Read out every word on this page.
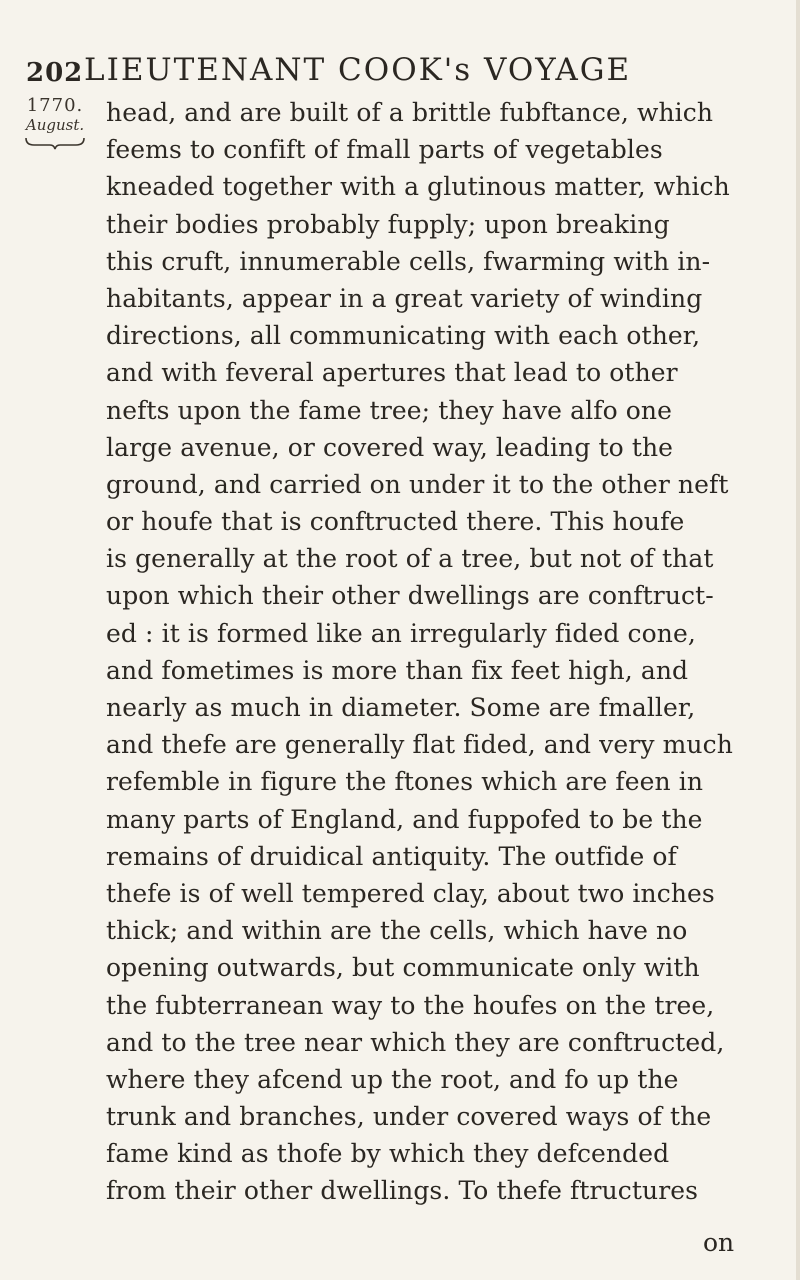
202 LIEUTENANT COOK's VOYAGE
1770.
August. head, and are built of a brittle fubftance, which
feems to confift of fmall parts of vegetables
kneaded together with a glutinous matter, which
their bodies probably fupply; upon breaking
this cruft, innumerable cells, fwarming with in-
habitants, appear in a great variety of winding
directions, all communicating with each other,
and with feveral apertures that lead to other
nefts upon the fame tree; they have alfo one
large avenue, or covered way, leading to the
ground, and carried on under it to the other neft
or houfe that is conftructed there. This houfe
is generally at the root of a tree, but not of that
upon which their other dwellings are conftruct-
ed : it is formed like an irregularly fided cone,
and fometimes is more than fix feet high, and
nearly as much in diameter. Some are fmaller,
and thefe are generally flat fided, and very much
refemble in figure the ftones which are feen in
many parts of England, and fuppofed to be the
remains of druidical antiquity. The outfide of
thefe is of well tempered clay, about two inches
thick; and within are the cells, which have no
opening outwards, but communicate only with
the fubterranean way to the houfes on the tree,
and to the tree near which they are conftructed,
where they afcend up the root, and fo up the
trunk and branches, under covered ways of the
fame kind as thofe by which they defcended
from their other dwellings. To thefe ftructures
on
